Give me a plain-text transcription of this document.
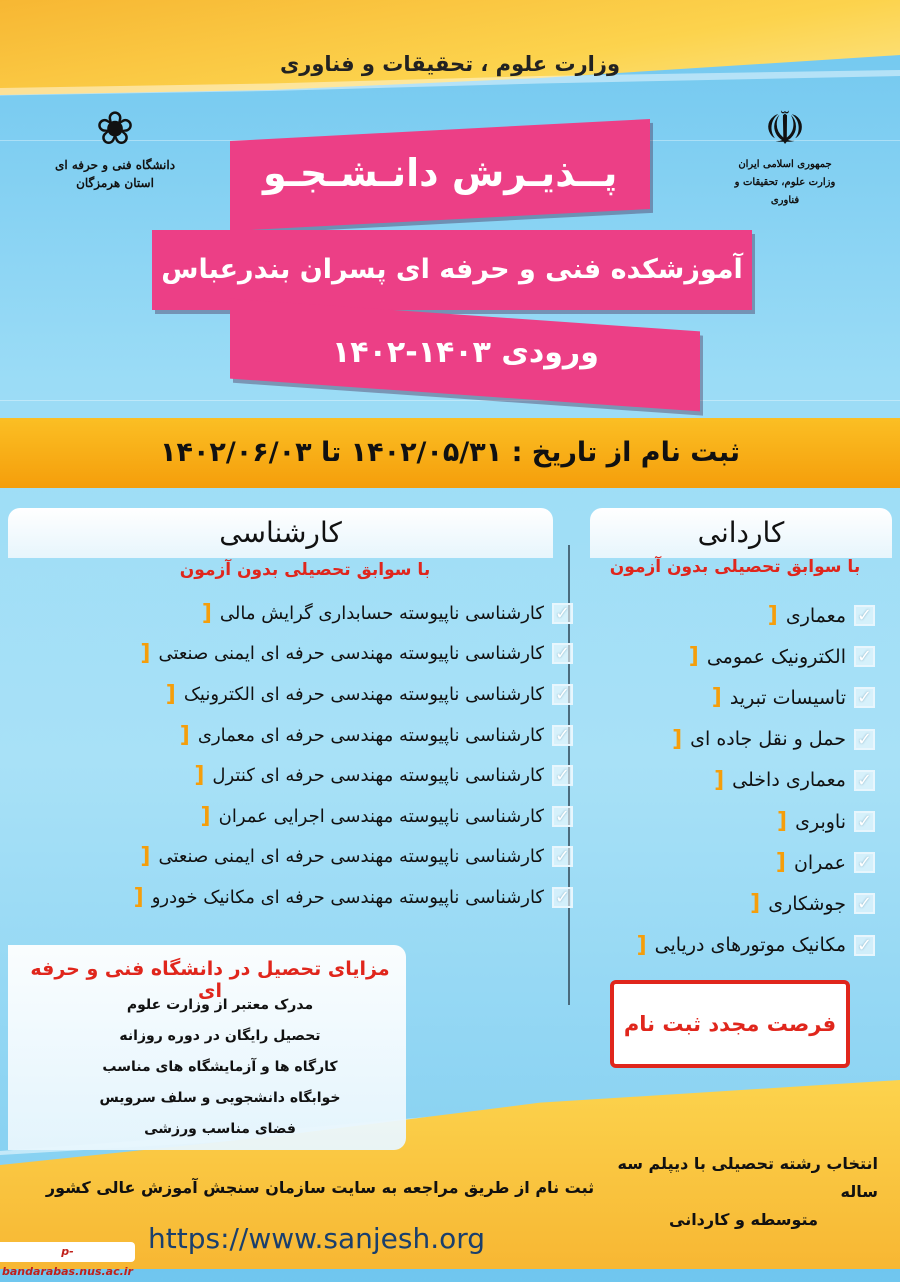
وزارت علوم ، تحقیقات و فناوری
❀
دانشگاه فنی و حرفه ای
استان هرمزگان
☫
جمهوری اسلامی ایران
وزارت علوم، تحقیقات و فناوری
پــذیـرش دانـشـجـو
آموزشکده فنی و حرفه ای پسران بندرعباس
ورودی ۱۴۰۳-۱۴۰۲
ثبت نام از تاریخ : ۱۴۰۲/۰۵/۳۱ تا ۱۴۰۲/۰۶/۰۳
کاردانی
کارشناسی
با سوابق تحصیلی بدون آزمون
با سوابق تحصیلی بدون آزمون
✓
معماری
[
✓
الکترونیک عمومی
[
✓
تاسیسات تبرید
[
✓
حمل و نقل جاده ای
[
✓
معماری داخلی
[
✓
ناوبری
[
✓
عمران
[
✓
جوشکاری
[
✓
مکانیک موتورهای دریایی
[
✓
کارشناسی ناپیوسته حسابداری گرایش مالی
[
✓
کارشناسی ناپیوسته مهندسی حرفه ای ایمنی صنعتی
[
✓
کارشناسی ناپیوسته مهندسی حرفه ای الکترونیک
[
✓
کارشناسی ناپیوسته مهندسی حرفه ای معماری
[
✓
کارشناسی ناپیوسته مهندسی حرفه ای کنترل
[
✓
کارشناسی ناپیوسته مهندسی اجرایی عمران
[
✓
کارشناسی ناپیوسته مهندسی حرفه ای ایمنی صنعتی
[
✓
کارشناسی ناپیوسته مهندسی حرفه ای مکانیک خودرو
[
مزایای تحصیل در دانشگاه فنی و حرفه ای
مدرک معتبر از وزارت علوم
تحصیل رایگان در دوره روزانه
کارگاه ها و آزمایشگاه های مناسب
خوابگاه دانشجویی و سلف سرویس
فضای مناسب ورزشی
فرصت مجدد ثبت نام
انتخاب رشته تحصیلی با دیپلم سه ساله
متوسطه و کاردانی
ثبت نام از طریق مراجعه به سایت سازمان سنجش آموزش عالی کشور
https://www.sanjesh.org
p-bandarabas.nus.ac.ir
